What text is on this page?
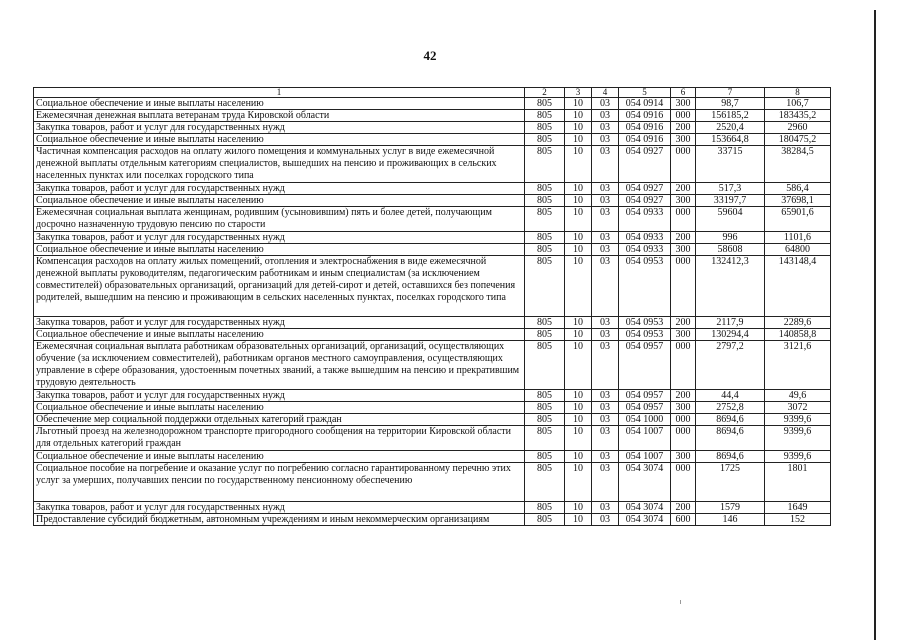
42
1	2	3	4	5	6	7	8
Социальное обеспечение и иные выплаты населению	805	10	03	054 0914	300	98,7	106,7
Ежемесячная денежная выплата ветеранам труда Кировской области	805	10	03	054 0916	000	156185,2	183435,2
Закупка товаров, работ и услуг для государственных нужд	805	10	03	054 0916	200	2520,4	2960
Социальное обеспечение и иные выплаты населению	805	10	03	054 0916	300	153664,8	180475,2
Частичная компенсация расходов на оплату жилого помещения и коммунальных услуг в виде ежемесячной денежной выплаты отдельным категориям специалистов, вышедших на пенсию и проживающих в сельских населенных пунктах или поселках городского типа	805	10	03	054 0927	000	33715	38284,5
Закупка товаров, работ и услуг для государственных нужд	805	10	03	054 0927	200	517,3	586,4
Социальное обеспечение и иные выплаты населению	805	10	03	054 0927	300	33197,7	37698,1
Ежемесячная социальная выплата женщинам, родившим (усыновившим) пять и более детей, получающим досрочно назначенную трудовую пенсию по старости	805	10	03	054 0933	000	59604	65901,6
Закупка товаров, работ и услуг для государственных нужд	805	10	03	054 0933	200	996	1101,6
Социальное обеспечение и иные выплаты населению	805	10	03	054 0933	300	58608	64800
Компенсация расходов на оплату жилых помещений, отопления и электроснабжения в виде ежемесячной денежной выплаты руководителям, педагогическим работникам и иным специалистам (за исключением совместителей) образовательных организаций, организаций для детей-сирот и детей, оставшихся без попечения родителей, вышедшим на пенсию и проживающим в сельских населенных пунктах, поселках городского типа	805	10	03	054 0953	000	132412,3	143148,4
Закупка товаров, работ и услуг для государственных нужд	805	10	03	054 0953	200	2117,9	2289,6
Социальное обеспечение и иные выплаты населению	805	10	03	054 0953	300	130294,4	140858,8
Ежемесячная социальная выплата работникам образовательных организаций, организаций, осуществляющих обучение (за исключением совместителей), работникам органов местного самоуправления, осуществляющих управление в сфере образования, удостоенным почетных званий, а также вышедшим на пенсию и прекратившим трудовую деятельность	805	10	03	054 0957	000	2797,2	3121,6
Закупка товаров, работ и услуг для государственных нужд	805	10	03	054 0957	200	44,4	49,6
Социальное обеспечение и иные выплаты населению	805	10	03	054 0957	300	2752,8	3072
Обеспечение мер социальной поддержки отдельных категорий граждан	805	10	03	054 1000	000	8694,6	9399,6
Льготный проезд на железнодорожном транспорте пригородного сообщения на территории Кировской области для отдельных категорий граждан	805	10	03	054 1007	000	8694,6	9399,6
Социальное обеспечение и иные выплаты населению	805	10	03	054 1007	300	8694,6	9399,6
Социальное пособие на погребение и оказание услуг по погребению согласно гарантированному перечню этих услуг за умерших, получавших пенсии по государственному пенсионному обеспечению	805	10	03	054 3074	000	1725	1801
Закупка товаров, работ и услуг для государственных нужд	805	10	03	054 3074	200	1579	1649
Предоставление субсидий бюджетным, автономным учреждениям и иным некоммерческим организациям	805	10	03	054 3074	600	146	152
